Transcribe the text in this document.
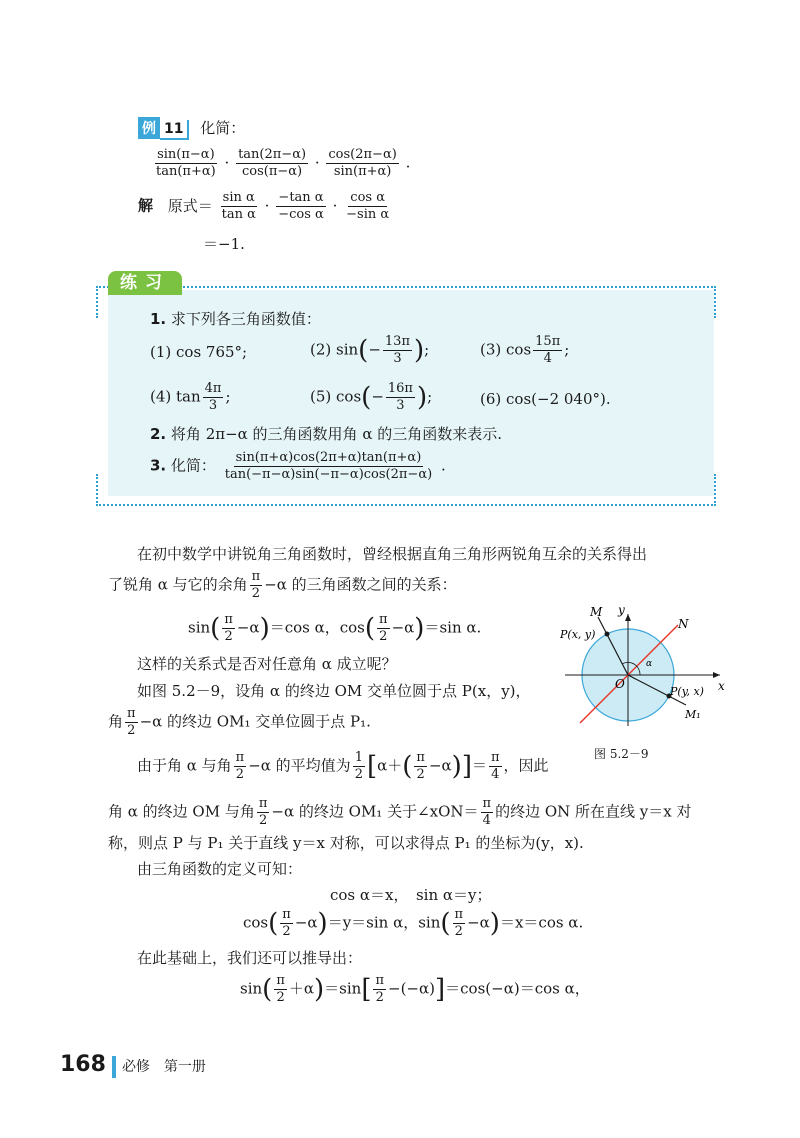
例 11 化简：
$\frac{\sin(\pi-\alpha)}{\tan(\pi+\alpha)} \cdot \frac{\tan(2\pi-\alpha)}{\cos(\pi-\alpha)} \cdot \frac{\cos(2\pi-\alpha)}{\sin(\pi+\alpha)}$ .
解 原式＝ $\frac{\text{sin α}}{\text{tan α}} \cdot \frac{\text{−tan α}}{\text{−cos α}} \cdot \frac{\text{cos α}}{\text{−sin α}}$
＝−1.
练习
1. 求下列各三角函数值：
(1) cos 765°;	(2) $\sin(- \frac{13\pi}{3}$ );	(3) $\cos \frac{15\pi}{4}$ ;
(4) $\tan \frac{4\pi}{3}$ ;	(5) $\cos(- \frac{16\pi}{3}$ );	(6) cos(−2 040°).
2. 将角 2π−α 的三角函数用角 α 的三角函数来表示.
3. 化简： $\frac{\sin(\pi+\alpha)\cos(2\pi+\alpha)\tan(\pi+\alpha)}{\tan(-\pi-\alpha)\sin(-\pi-\alpha)\cos(2\pi-\alpha)}$ .
在初中数学中讲锐角三角函数时，曾经根据直角三角形两锐角互余的关系得出
了锐角 α 与它的余角 $\frac{\pi}{2} -\alpha$ 的三角函数之间的关系：
$\sin( \frac{\pi}{2} -\alpha)=\cos$ α，$\cos( \frac{\pi}{2} -\alpha)=\sin$ α.
这样的关系式是否对任意角 α 成立呢？
如图 5.2－9，设角 α 的终边 OM 交单位圆于点 P(x，y)，
角 $\frac{\pi}{2} -\alpha$ 的终边 OM₁ 交单位圆于点 P₁.
由于角 α 与角 $\frac{\pi}{2} -\alpha$ 的平均值为 $\frac{1}{2} [\alpha+( \frac{\pi}{2} -\alpha)]= \frac{\pi}{4}$ ，因此
角 α 的终边 OM 与角 $\frac{\pi}{2} -\alpha$ 的终边 OM₁ 关于∠xON＝ $\frac{\pi}{4}$ 的终边 ON 所在直线 y＝x 对
称，则点 P 与 P₁ 关于直线 y＝x 对称，可以求得点 P₁ 的坐标为(y，x).
由三角函数的定义可知：
cos α＝x，　sin α＝y；
$\cos( \frac{\pi}{2} -\alpha)=y=\sin$ α，$\sin( \frac{\pi}{2} -\alpha)=x=\cos$ α.
在此基础上，我们还可以推导出：
$\sin( \frac{\pi}{2} +\alpha)=\sin[ \frac{\pi}{2} -(-\alpha)]=\cos(-\alpha)=\cos$ α，
M
N
y
x
O
P(x, y)
P(y, x)
M₁
α
图 5.2－9
168 必修　第一册
